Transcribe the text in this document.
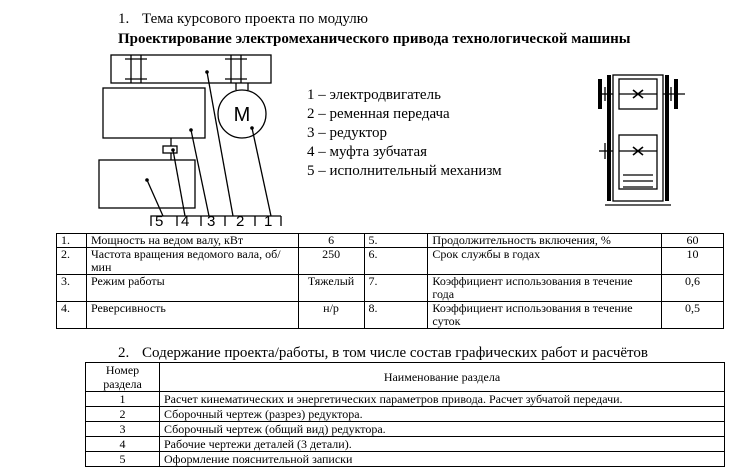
1. Тема курсового проекта по модулю
Проектирование электромеханического привода технологической машины
М
5 4 3 2 1
1 – электродвигатель
2 – ременная передача
3 – редуктор
4 – муфта зубчатая
5 – исполнительный механизм
1.	Мощность на ведом валу, кВт	6	5.	Продолжительность включения, %	60
2.	Частота вращения ведомого вала, об/мин	250	6.	Срок службы в годах	10
3.	Режим работы	Тяжелый	7.	Коэффициент использования в течение года	0,6
4.	Реверсивность	н/р	8.	Коэффициент использования в течение суток	0,5
2. Содержание проекта/работы, в том числе состав графических работ и расчётов
Номер раздела	Наименование раздела
1	Расчет кинематических и энергетических параметров привода. Расчет зубчатой передачи.
2	Сборочный чертеж (разрез) редуктора.
3	Сборочный чертеж (общий вид) редуктора.
4	Рабочие чертежи деталей (3 детали).
5	Оформление пояснительной записки
